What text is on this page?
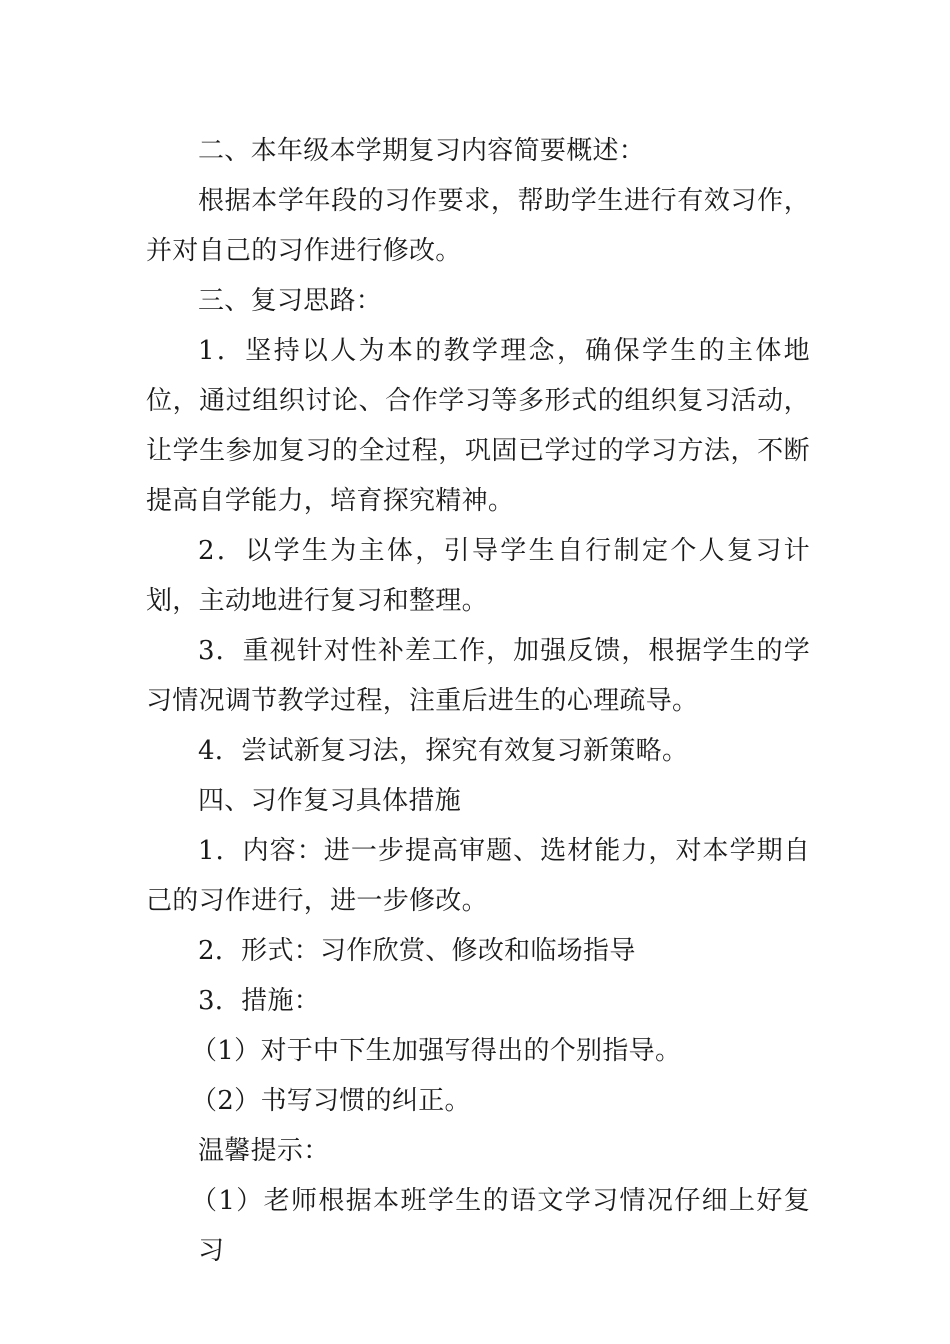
二、本年级本学期复习内容简要概述：

根据本学年段的习作要求，帮助学生进行有效习作，并对自己的习作进行修改。

三、复习思路：

1．坚持以人为本的教学理念，确保学生的主体地位，通过组织讨论、合作学习等多形式的组织复习活动，让学生参加复习的全过程，巩固已学过的学习方法，不断提高自学能力，培育探究精神。

2．以学生为主体，引导学生自行制定个人复习计划，主动地进行复习和整理。

3．重视针对性补差工作，加强反馈，根据学生的学习情况调节教学过程，注重后进生的心理疏导。

4．尝试新复习法，探究有效复习新策略。

四、习作复习具体措施

1．内容：进一步提高审题、选材能力，对本学期自己的习作进行，进一步修改。

2．形式：习作欣赏、修改和临场指导

3．措施：

（1）对于中下生加强写得出的个别指导。

（2）书写习惯的纠正。

温馨提示：

（1）老师根据本班学生的语文学习情况仔细上好复习
